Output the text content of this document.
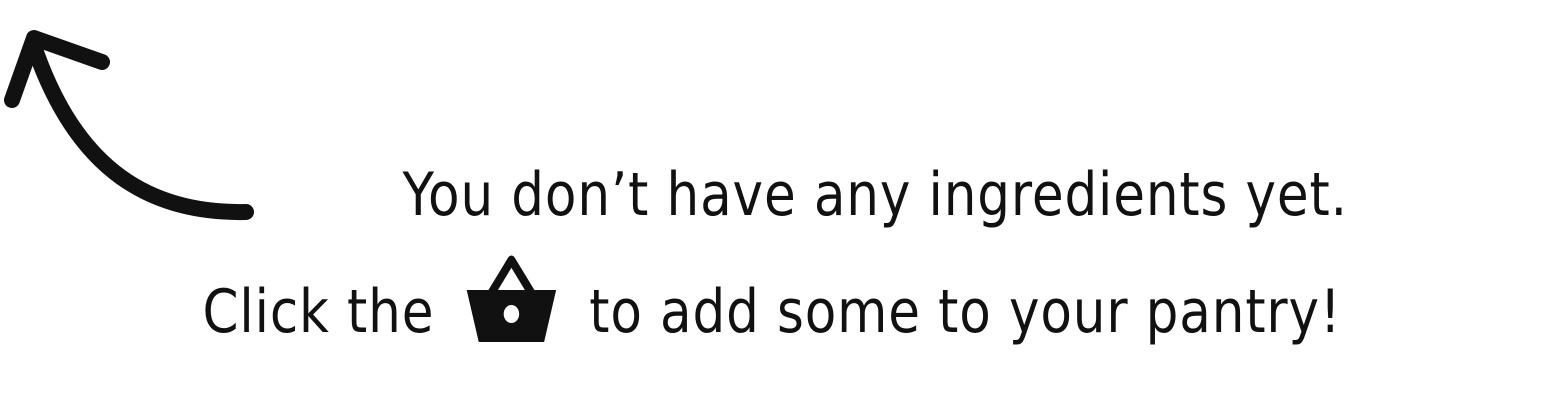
You don’t have any ingredients yet.
Click the	to add some to your pantry!
